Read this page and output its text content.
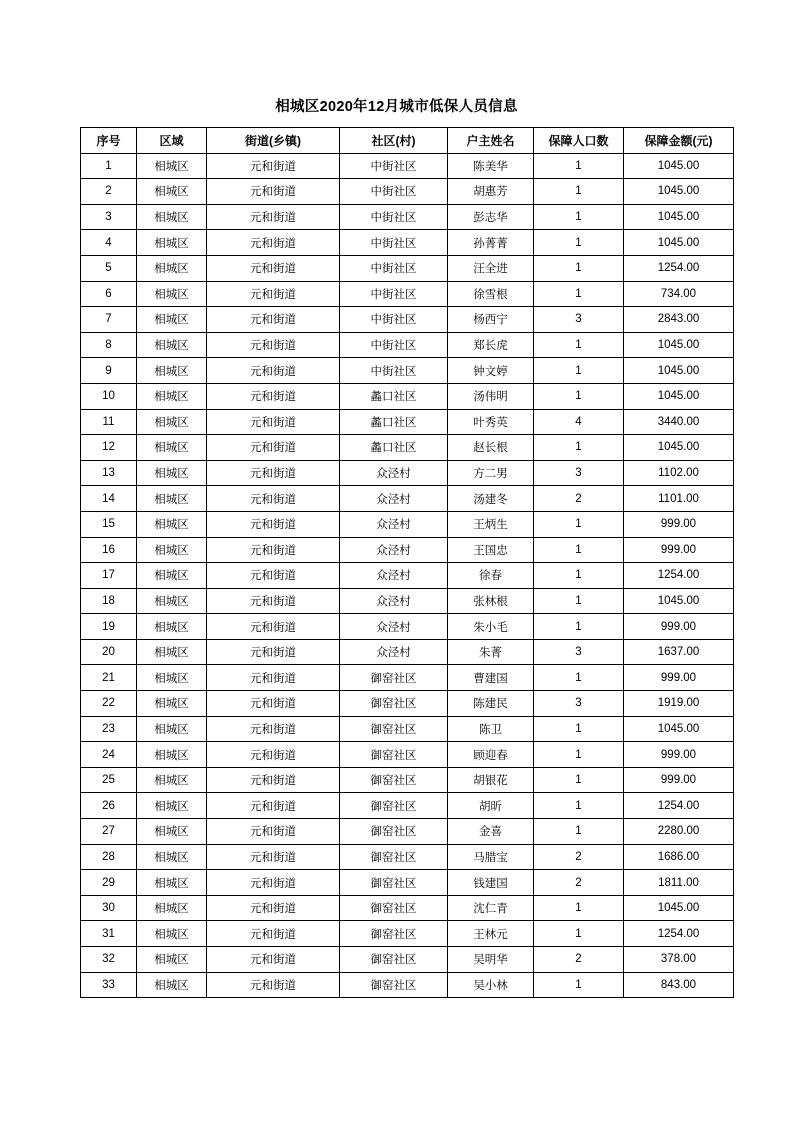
相城区2020年12月城市低保人员信息
序号	区域	街道(乡镇)	社区(村)	户主姓名	保障人口数	保障金额(元)
1	相城区	元和街道	中街社区	陈美华	1	1045.00
2	相城区	元和街道	中街社区	胡惠芳	1	1045.00
3	相城区	元和街道	中街社区	彭志华	1	1045.00
4	相城区	元和街道	中街社区	孙菁菁	1	1045.00
5	相城区	元和街道	中街社区	汪全进	1	1254.00
6	相城区	元和街道	中街社区	徐雪根	1	734.00
7	相城区	元和街道	中街社区	杨西宁	3	2843.00
8	相城区	元和街道	中街社区	郑长虎	1	1045.00
9	相城区	元和街道	中街社区	钟文婷	1	1045.00
10	相城区	元和街道	蠡口社区	汤伟明	1	1045.00
11	相城区	元和街道	蠡口社区	叶秀英	4	3440.00
12	相城区	元和街道	蠡口社区	赵长根	1	1045.00
13	相城区	元和街道	众泾村	方二男	3	1102.00
14	相城区	元和街道	众泾村	汤建冬	2	1101.00
15	相城区	元和街道	众泾村	王炳生	1	999.00
16	相城区	元和街道	众泾村	王国忠	1	999.00
17	相城区	元和街道	众泾村	徐春	1	1254.00
18	相城区	元和街道	众泾村	张林根	1	1045.00
19	相城区	元和街道	众泾村	朱小毛	1	999.00
20	相城区	元和街道	众泾村	朱菁	3	1637.00
21	相城区	元和街道	御窑社区	曹建国	1	999.00
22	相城区	元和街道	御窑社区	陈建民	3	1919.00
23	相城区	元和街道	御窑社区	陈卫	1	1045.00
24	相城区	元和街道	御窑社区	顾迎春	1	999.00
25	相城区	元和街道	御窑社区	胡银花	1	999.00
26	相城区	元和街道	御窑社区	胡昕	1	1254.00
27	相城区	元和街道	御窑社区	金喜	1	2280.00
28	相城区	元和街道	御窑社区	马腊宝	2	1686.00
29	相城区	元和街道	御窑社区	钱建国	2	1811.00
30	相城区	元和街道	御窑社区	沈仁青	1	1045.00
31	相城区	元和街道	御窑社区	王林元	1	1254.00
32	相城区	元和街道	御窑社区	吴明华	2	378.00
33	相城区	元和街道	御窑社区	吴小林	1	843.00
